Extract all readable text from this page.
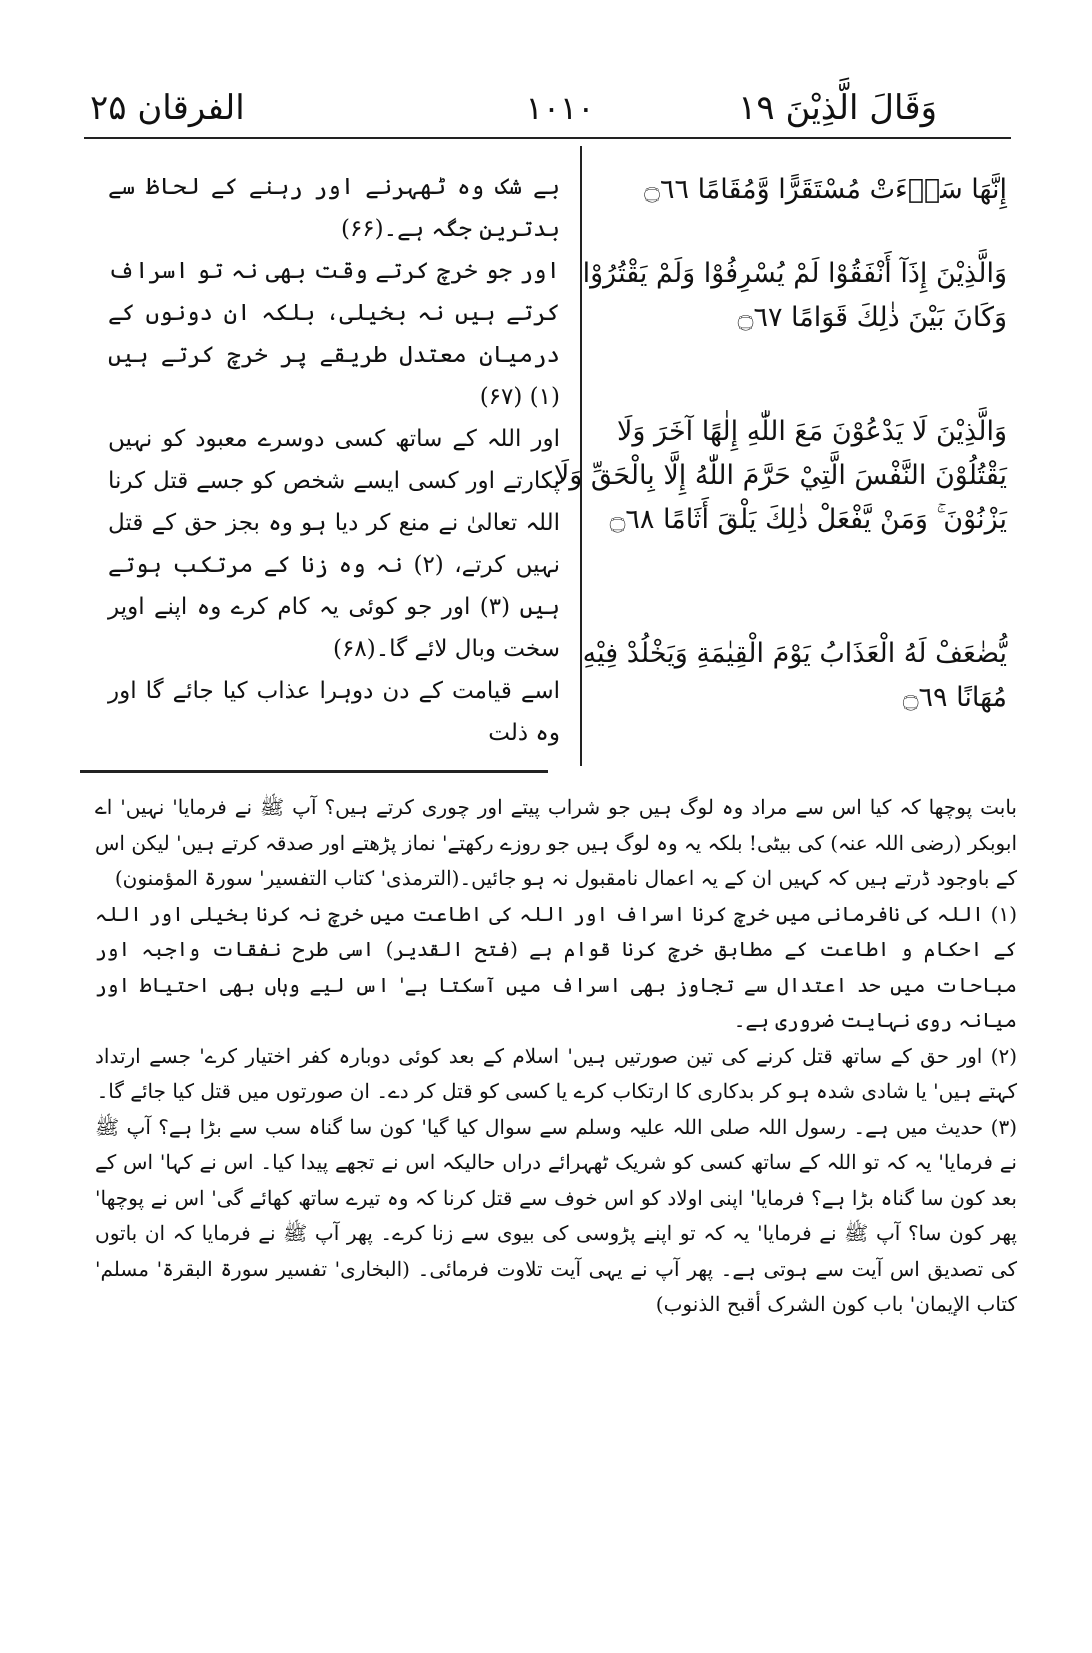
الفرقان ۲۵	۱۰۱۰	وَقَالَ الَّذِيْنَ ۱۹

بے شک وہ ٹھہرنے اور رہنے کے لحاظ سے بدترین جگہ ہے۔(۶۶)

اور جو خرچ کرتے وقت بھی نہ تو اسراف کرتے ہیں نہ بخیلی، بلکہ ان دونوں کے درمیان معتدل طریقے پر خرچ کرتے ہیں (۱) (۶۷)

اور اللہ کے ساتھ کسی دوسرے معبود کو نہیں پکارتے اور کسی ایسے شخص کو جسے قتل کرنا اللہ تعالیٰ نے منع کر دیا ہو وہ بجز حق کے قتل نہیں کرتے، (۲) نہ وہ زنا کے مرتکب ہوتے ہیں (۳) اور جو کوئی یہ کام کرے وہ اپنے اوپر سخت وبال لائے گا۔(۶۸)

اسے قیامت کے دن دوہرا عذاب کیا جائے گا اور وہ ذلت

إِنَّهَا سَاۗءَتْ مُسْتَقَرًّا وَّمُقَامًا ۝٦٦
وَالَّذِيْنَ إِذَآ أَنْفَقُوْا لَمْ يُسْرِفُوْا وَلَمْ يَقْتُرُوْا وَكَانَ بَيْنَ ذٰلِكَ قَوَامًا ۝٦٧
وَالَّذِيْنَ لَا يَدْعُوْنَ مَعَ اللّٰهِ إِلٰهًا آخَرَ وَلَا يَقْتُلُوْنَ النَّفْسَ الَّتِيْ حَرَّمَ اللّٰهُ إِلَّا بِالْحَقِّ وَلَا يَزْنُوْنَ ۚ وَمَنْ يَّفْعَلْ ذٰلِكَ يَلْقَ أَثَامًا ۝٦٨
يُّضٰعَفْ لَهُ الْعَذَابُ يَوْمَ الْقِيٰمَةِ وَيَخْلُدْ فِيْهِ مُهَانًا ۝٦٩

بابت پوچھا کہ کیا اس سے مراد وہ لوگ ہیں جو شراب پیتے اور چوری کرتے ہیں؟ آپ ﷺ نے فرمایا' نہیں' اے ابوبکر (رضی اللہ عنہ) کی بیٹی! بلکہ یہ وہ لوگ ہیں جو روزے رکھتے' نماز پڑھتے اور صدقہ کرتے ہیں' لیکن اس کے باوجود ڈرتے ہیں کہ کہیں ان کے یہ اعمال نامقبول نہ ہو جائیں۔(الترمذی' کتاب التفسیر' سورۃ المؤمنون)

(۱) اللہ کی نافرمانی میں خرچ کرنا اسراف اور اللہ کی اطاعت میں خرچ نہ کرنا بخیلی اور اللہ کے احکام و اطاعت کے مطابق خرچ کرنا قوام ہے (فتح القدیر) اسی طرح نفقات واجبہ اور مباحات میں حد اعتدال سے تجاوز بھی اسراف میں آسکتا ہے' اس لیے وہاں بھی احتیاط اور میانہ روی نہایت ضروری ہے۔

(۲) اور حق کے ساتھ قتل کرنے کی تین صورتیں ہیں' اسلام کے بعد کوئی دوبارہ کفر اختیار کرے' جسے ارتداد کہتے ہیں' یا شادی شدہ ہو کر بدکاری کا ارتکاب کرے یا کسی کو قتل کر دے۔ ان صورتوں میں قتل کیا جائے گا۔

(۳) حدیث میں ہے۔ رسول اللہ صلی اللہ علیہ وسلم سے سوال کیا گیا' کون سا گناہ سب سے بڑا ہے؟ آپ ﷺ نے فرمایا' یہ کہ تو اللہ کے ساتھ کسی کو شریک ٹھہرائے دراں حالیکہ اس نے تجھے پیدا کیا۔ اس نے کہا' اس کے بعد کون سا گناہ بڑا ہے؟ فرمایا' اپنی اولاد کو اس خوف سے قتل کرنا کہ وہ تیرے ساتھ کھائے گی' اس نے پوچھا' پھر کون سا؟ آپ ﷺ نے فرمایا' یہ کہ تو اپنے پڑوسی کی بیوی سے زنا کرے۔ پھر آپ ﷺ نے فرمایا کہ ان باتوں کی تصدیق اس آیت سے ہوتی ہے۔ پھر آپ نے یہی آیت تلاوت فرمائی۔ (البخاری' تفسیر سورۃ البقرۃ' مسلم' کتاب الإیمان' باب کون الشرک أقبح الذنوب)
